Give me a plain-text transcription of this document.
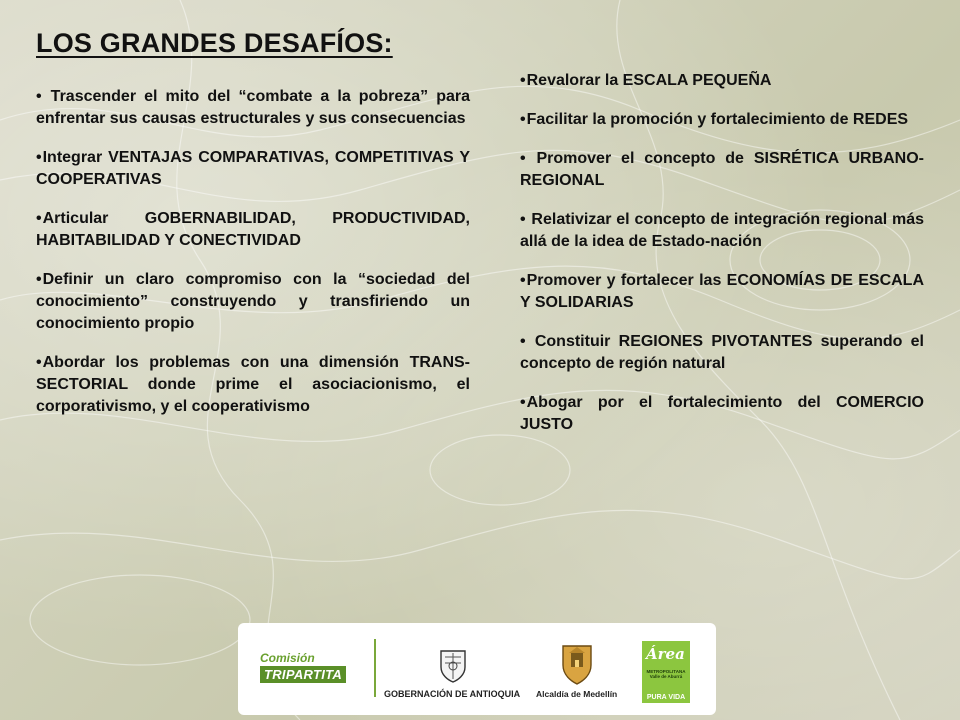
LOS GRANDES DESAFÍOS:
• Trascender el mito del “combate a la pobreza” para enfrentar sus causas estructurales y sus consecuencias
• Integrar VENTAJAS COMPARATIVAS, COMPETITIVAS Y COOPERATIVAS
• Articular GOBERNABILIDAD, PRODUCTIVIDAD, HABITABILIDAD Y CONECTIVIDAD
• Definir un claro compromiso con la “sociedad del conocimiento” construyendo y transfiriendo un conocimiento propio
• Abordar los problemas con una dimensión TRANS-SECTORIAL donde prime el asociacionismo, el corporativismo, y el cooperativismo
• Revalorar la ESCALA PEQUEÑA
• Facilitar la promoción y fortalecimiento de REDES
• Promover el concepto de SISRÉTICA URBANO-REGIONAL
• Relativizar el concepto de integración regional más allá de la idea de Estado-nación
• Promover y fortalecer las ECONOMÍAS DE ESCALA Y SOLIDARIAS
• Constituir REGIONES PIVOTANTES superando el concepto de región natural
• Abogar por el fortalecimiento del COMERCIO JUSTO
Comisión
TRIPARTITA
GOBERNACIÓN DE ANTIOQUIA Alcaldía de Medellín
Área
METROPOLITANA Valle de Aburrá
PURA VIDA
